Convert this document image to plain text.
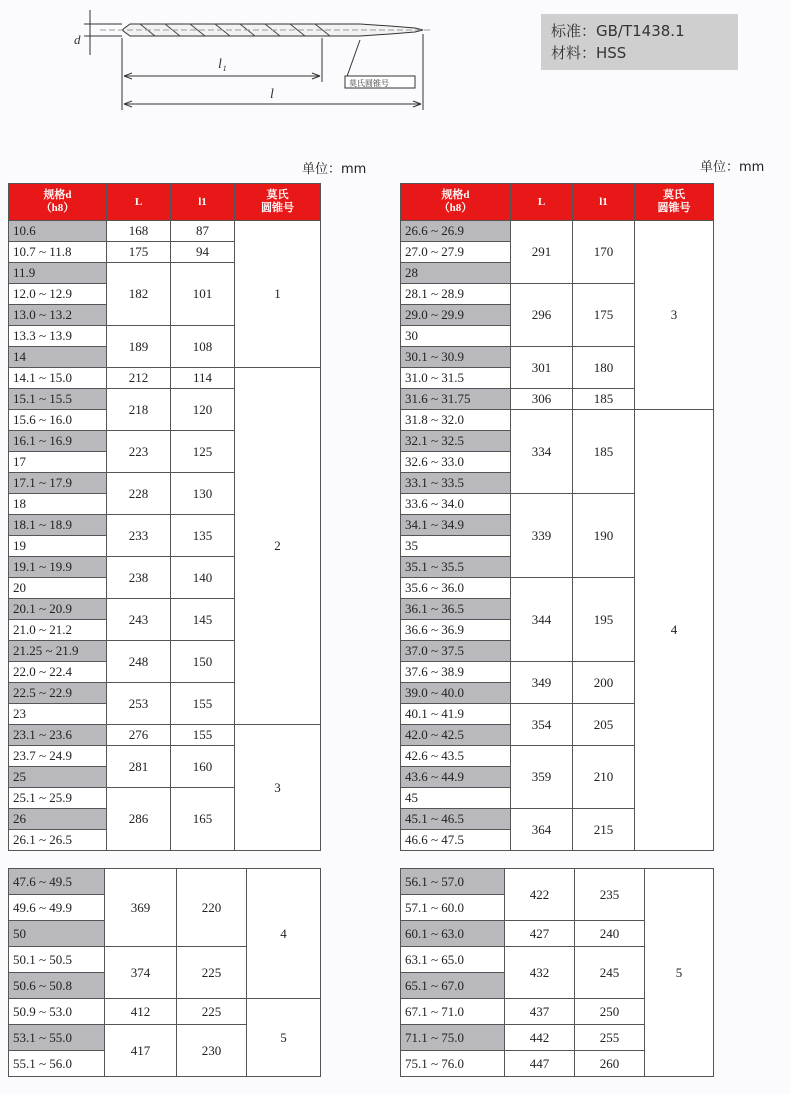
d
l₁
l
莫氏圆锥号
标准：GB/T1438.1
材料：HSS
单位：mm	单位：mm
规格d
（h8）	L	l1	莫氏
圆锥号
10.6	168	87	1
10.7 ~ 11.8	175	94	
11.9	182	101	
12.0 ~ 12.9			
13.0 ~ 13.2			
13.3 ~ 13.9	189	108	
14			
14.1 ~ 15.0	212	114	2
15.1 ~ 15.5	218	120	
15.6 ~ 16.0			
16.1 ~ 16.9	223	125	
17			
17.1 ~ 17.9	228	130	
18			
18.1 ~ 18.9	233	135	
19			
19.1 ~ 19.9	238	140	
20			
20.1 ~ 20.9	243	145	
21.0 ~ 21.2			
21.25 ~ 21.9	248	150	
22.0 ~ 22.4			
22.5 ~ 22.9	253	155	
23			
23.1 ~ 23.6	276	155	3
23.7 ~ 24.9	281	160	
25			
25.1 ~ 25.9	286	165	
26			
26.1 ~ 26.5			
规格d
（h8）	L	l1	莫氏
圆锥号
26.6 ~ 26.9	291	170	3
27.0 ~ 27.9			
28			
28.1 ~ 28.9	296	175	
29.0 ~ 29.9			
30			
30.1 ~ 30.9	301	180	
31.0 ~ 31.5			
31.6 ~ 31.75	306	185	
31.8 ~ 32.0	334	185	4
32.1 ~ 32.5			
32.6 ~ 33.0			
33.1 ~ 33.5			
33.6 ~ 34.0	339	190	
34.1 ~ 34.9			
35			
35.1 ~ 35.5			
35.6 ~ 36.0	344	195	
36.1 ~ 36.5			
36.6 ~ 36.9			
37.0 ~ 37.5			
37.6 ~ 38.9	349	200	
39.0 ~ 40.0			
40.1 ~ 41.9	354	205	
42.0 ~ 42.5			
42.6 ~ 43.5	359	210	
43.6 ~ 44.9			
45			
45.1 ~ 46.5	364	215	
46.6 ~ 47.5			
47.6 ~ 49.5	369	220	4
49.6 ~ 49.9			
50			
50.1 ~ 50.5	374	225	
50.6 ~ 50.8			
50.9 ~ 53.0	412	225	5
53.1 ~ 55.0	417	230	
55.1 ~ 56.0			
56.1 ~ 57.0	422	235	5
57.1 ~ 60.0			
60.1 ~ 63.0	427	240	
63.1 ~ 65.0	432	245	
65.1 ~ 67.0			
67.1 ~ 71.0	437	250	
71.1 ~ 75.0	442	255	
75.1 ~ 76.0	447	260	
